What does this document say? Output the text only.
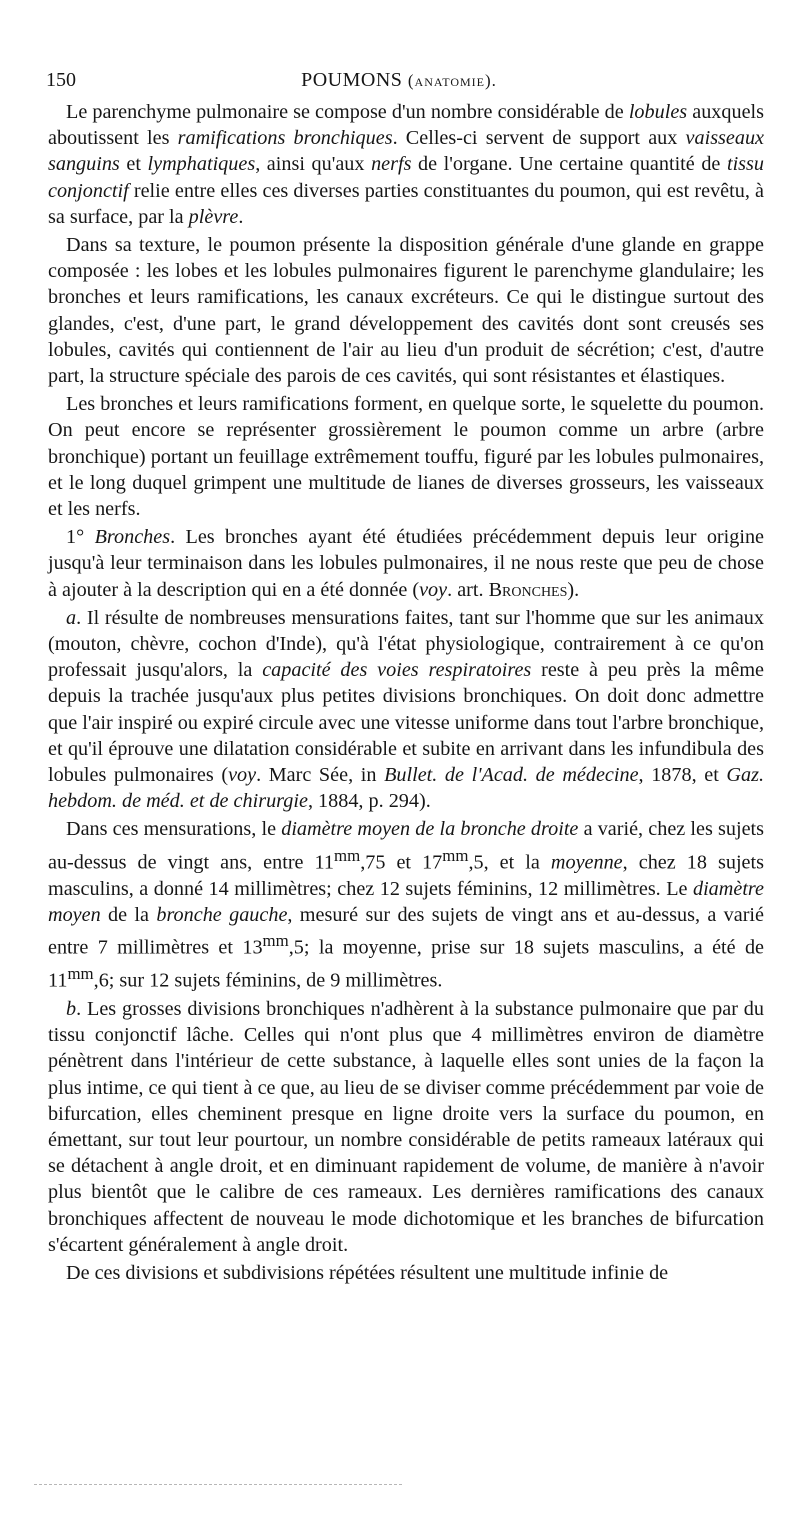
150	POUMONS (anatomie).

Le parenchyme pulmonaire se compose d'un nombre considérable de lobules auxquels aboutissent les ramifications bronchiques. Celles-ci servent de support aux vaisseaux sanguins et lymphatiques, ainsi qu'aux nerfs de l'organe. Une certaine quantité de tissu conjonctif relie entre elles ces diverses parties constituantes du poumon, qui est revêtu, à sa surface, par la plèvre.

Dans sa texture, le poumon présente la disposition générale d'une glande en grappe composée : les lobes et les lobules pulmonaires figurent le parenchyme glandulaire; les bronches et leurs ramifications, les canaux excréteurs. Ce qui le distingue surtout des glandes, c'est, d'une part, le grand développement des cavités dont sont creusés ses lobules, cavités qui contiennent de l'air au lieu d'un produit de sécrétion; c'est, d'autre part, la structure spéciale des parois de ces cavités, qui sont résistantes et élastiques.

Les bronches et leurs ramifications forment, en quelque sorte, le squelette du poumon. On peut encore se représenter grossièrement le poumon comme un arbre (arbre bronchique) portant un feuillage extrêmement touffu, figuré par les lobules pulmonaires, et le long duquel grimpent une multitude de lianes de diverses grosseurs, les vaisseaux et les nerfs.

1° Bronches. Les bronches ayant été étudiées précédemment depuis leur origine jusqu'à leur terminaison dans les lobules pulmonaires, il ne nous reste que peu de chose à ajouter à la description qui en a été donnée (voy. art. Bronches).

a. Il résulte de nombreuses mensurations faites, tant sur l'homme que sur les animaux (mouton, chèvre, cochon d'Inde), qu'à l'état physiologique, contrairement à ce qu'on professait jusqu'alors, la capacité des voies respiratoires reste à peu près la même depuis la trachée jusqu'aux plus petites divisions bronchiques. On doit donc admettre que l'air inspiré ou expiré circule avec une vitesse uniforme dans tout l'arbre bronchique, et qu'il éprouve une dilatation considérable et subite en arrivant dans les infundibula des lobules pulmonaires (voy. Marc Sée, in Bullet. de l'Acad. de médecine, 1878, et Gaz. hebdom. de méd. et de chirurgie, 1884, p. 294).

Dans ces mensurations, le diamètre moyen de la bronche droite a varié, chez les sujets au-dessus de vingt ans, entre $11^{mm},75$ et $17^{mm},5$, et la moyenne, chez 18 sujets masculins, a donné 14 millimètres; chez 12 sujets féminins, 12 millimètres. Le diamètre moyen de la bronche gauche, mesuré sur des sujets de vingt ans et au-dessus, a varié entre 7 millimètres et $13^{mm},5$; la moyenne, prise sur 18 sujets masculins, a été de $11^{mm},6$; sur 12 sujets féminins, de 9 millimètres.

b. Les grosses divisions bronchiques n'adhèrent à la substance pulmonaire que par du tissu conjonctif lâche. Celles qui n'ont plus que 4 millimètres environ de diamètre pénètrent dans l'intérieur de cette substance, à laquelle elles sont unies de la façon la plus intime, ce qui tient à ce que, au lieu de se diviser comme précédemment par voie de bifurcation, elles cheminent presque en ligne droite vers la surface du poumon, en émettant, sur tout leur pourtour, un nombre considérable de petits rameaux latéraux qui se détachent à angle droit, et en diminuant rapidement de volume, de manière à n'avoir plus bientôt que le calibre de ces rameaux. Les dernières ramifications des canaux bronchiques affectent de nouveau le mode dichotomique et les branches de bifurcation s'écartent généralement à angle droit.

De ces divisions et subdivisions répétées résultent une multitude infinie de
